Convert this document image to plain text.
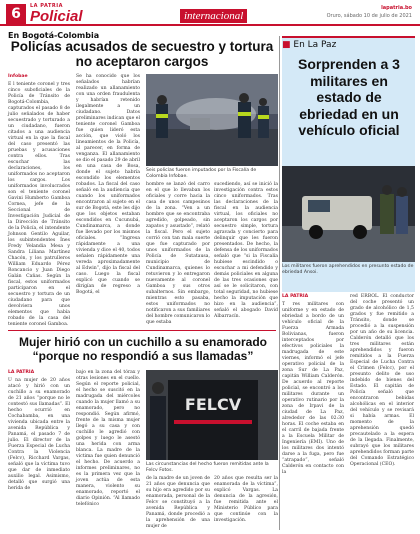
6	LA PATRIA
Policial	internacional
lapatria.bo
Oruro, sábado 10 de julio de 2021
En Bogotá-Colombia
Policías acusados de secuestro y tortura no aceptaron cargos
Infobae
E l teniente coronel y tres cinco suboficiales de la Policía de Tránsito de Bogotá-Colombia, capturados el pasado 8 de julio señalados de haber secuestrado y torturado a un ciudadano, fueron citados a una audiencia virtual en la que la fiscal del caso presentó las pruebas y acusaciones contra ellos. Tras escuchar las declaraciones, los uniformados no aceptaron los cargos. Los uniformados involucrados son el teniente coronel Gavini Humberto Gamboa Cornea, jefe de la Seccional de Investigación Judicial de la Dirección de Tránsito de la Policía, el intendente Johnson Gentilo Aguilar, los subintendentes Ínes Fredy Velandia Mesa y Sandra Liliana Martínez Chacón, y los patrulleros William Eduardo Pérez Roncancio y Juan Diego Galán Cañas. Según la fiscal, estos uniformados participaron en el secuestro y tortura de un ciudadano para que devolviera unos elementos que había robado de la casa del teniente coronel Gamboa.
Se ha conocido que los señalados habrían realizado un allanamiento con una orden fraudulenta y habrían retenido ilegalmente a un ciudadano. Datos preliminares indican que el teniente coronel Gamboa fue quien lideró esta acción, que violó los lineamientos de la Policía, al parecer, en forma de venganza. El allanamiento se dio el pasado 29 de abril en una casa de Bosa, donde el sujeto habría escondido los elementos robados. La fiscal del caso señaló en la audiencia que cuando los uniformados encontraron al sujeto en el sur de Bogotá, este les dijo que los objetos estaban escondidos en Cucunubá, Cundinamarca, a donde fue llevado por los mismos oficiales. “Ingresa rápidamente a una vivienda y dice el 40, todos señalen rápidamente una vereda aproximadamente al Edwin”, dijo la fiscal del caso. Luego la fiscal explicó que cuando se dirigían de regreso a Bogotá, el
Seis policías fueron imputados por la Fiscalía de Colombia Infobae.
hombre se lanzó del carro en el que lo llevaban los oficiales y corre hacia la casa de unos campesinos de la zona. “Ven a un hombre que se encontraba agredido, golpeado, sin zapatos y asustado”, relató la fiscal. Pero el sujeto corrió con tan mala suerte que fue capturado por unos uniformados de la Policía de Sutatausa, municipio de Cundinamarca, quienes lo retuvieron y lo entregaron nuevamente al coronel Gamboa y sus otros subalternos. Sin embargo, mientras esto pasaba, estos uniformados no notificaron a sus familiares del hombre comunicaron lo que estaba
sucediendo, así se inició la investigación contra estos cinco uniformados. Tras las declaraciones de la fiscal en la audiencia virtual, los oficiales no aceptaron los cargos por secuestro simple, tortura agravada y concierto para delinquir que les fueron presentados. De hecho, la defensa de los uniformados señaló que “si la Fiscalía hubiese escindido o escuchar a mi defendido y demás policiales en alguna de las tres ocasiones que así se le solicitaron, con total seguridad, no hubiese hecho la imputación que hizo en la audiencia”, señaló el abogado David Albarracín.
■ En La Paz
Sorprenden a 3 militares en estado de ebriedad en un vehículo oficial
Los militares fueron aprehendidos en presunto estado de ebriedad Ansoi.
LA PATRIA
T res militares con uniforme y en estado de ebriedad a bordo de un vehículo oficial de la Fuerza Armada Bolivianas, fueron interceptados por efectivos policiales la madrugada de este viernes, informó el jefe operativo policial de la zona Sur de La Paz, capitán William Calderón. De acuerdo al reporte policial, se encontró a los militares durante un operativo rutinario por la zona de Irpavi de la ciudad de La Paz, alrededor de las 02:30 horas. El coche estaba en el carril de bajada frente a la Escuela Militar de Ingeniería (EMI). Uno de los militares dos intentó darse a la fuga, pero fue “atrapado”, señaló Calderón en contacto con la
red ERBOL. El conductor del coche presentó un grado de alcohólico de 1,5 grados y fue remitido a Tránsito, donde se procedió a la suspensión por un año de su licencia. Calderón detalló que los tres militares están aprehendidos y fueron remitidos a la Fuerza Especial de Lucha Contra el Crimen (Felcc), por el presunto delito de uso indebido de bienes del Estado. El capitán de Policía señaló que encontraron bebidas alcohólicas en el interior del vehículo y se revisará si había armas. El momento de la aprehensión quedó precautelado a la espera de la llegada. Finalmente, subrayó que los militares aprehendidos forman parte del Comando Estratégico Operacional (CEO).
Mujer hirió con un cuchillo a su enamorado
“porque no respondió a sus llamadas”
LA PATRIA
U na mujer de 20 años atacó y hirió con un cuchillo a su enamorado de 21 años “porque no le contestó sus llamadas”. El hecho ocurrió en Cochabamba, en una vivienda ubicada entre la avenida República y Panamá, el pasado 7 de julio. El director de la Fuerza Especial de Lucha Contra la Violencia (Felcv), Ricchard Vargas, señaló que la víctima tuvo que dar de inmediato auxilio legal. Asimismo, detalló que surgió una herida de
bajo en la zona del tórax y otras lesiones en el cuello. Según el reporte policial, el hecho se suscitó en la madrugada del miércoles cuando la mujer llamó a su enamorado, pero no respondió. Según afirmó, frente de la misma mujer llegó a su casa y con cuchillo le agredió con golpes y luego le asestó una herida con arma blanca. La madre de la víctima fue quien denunció el hecho. De acuerdo a informes preliminares, no es la primera vez que la joven actúa de esta manera, violento su enamorado, reportó el diario Opinión. “Al llamado telefónico
FELCV
Las circunstancias del hecho fueron remitidas ante la Felcv Fotos.
de la madre de un joven de 21 años que denuncia que su hijo era agredido por su enamorada, personal de la Felcv se constituyó a la avenida República y Panamá, donde procedió a la aprehensión de una mujer de
20 años que resulta ser la enamorada de la víctima”, explicó Vargas. La denuncia de la agresión, fue remitida ante el Ministerio Público para que continúe con la investigación.
